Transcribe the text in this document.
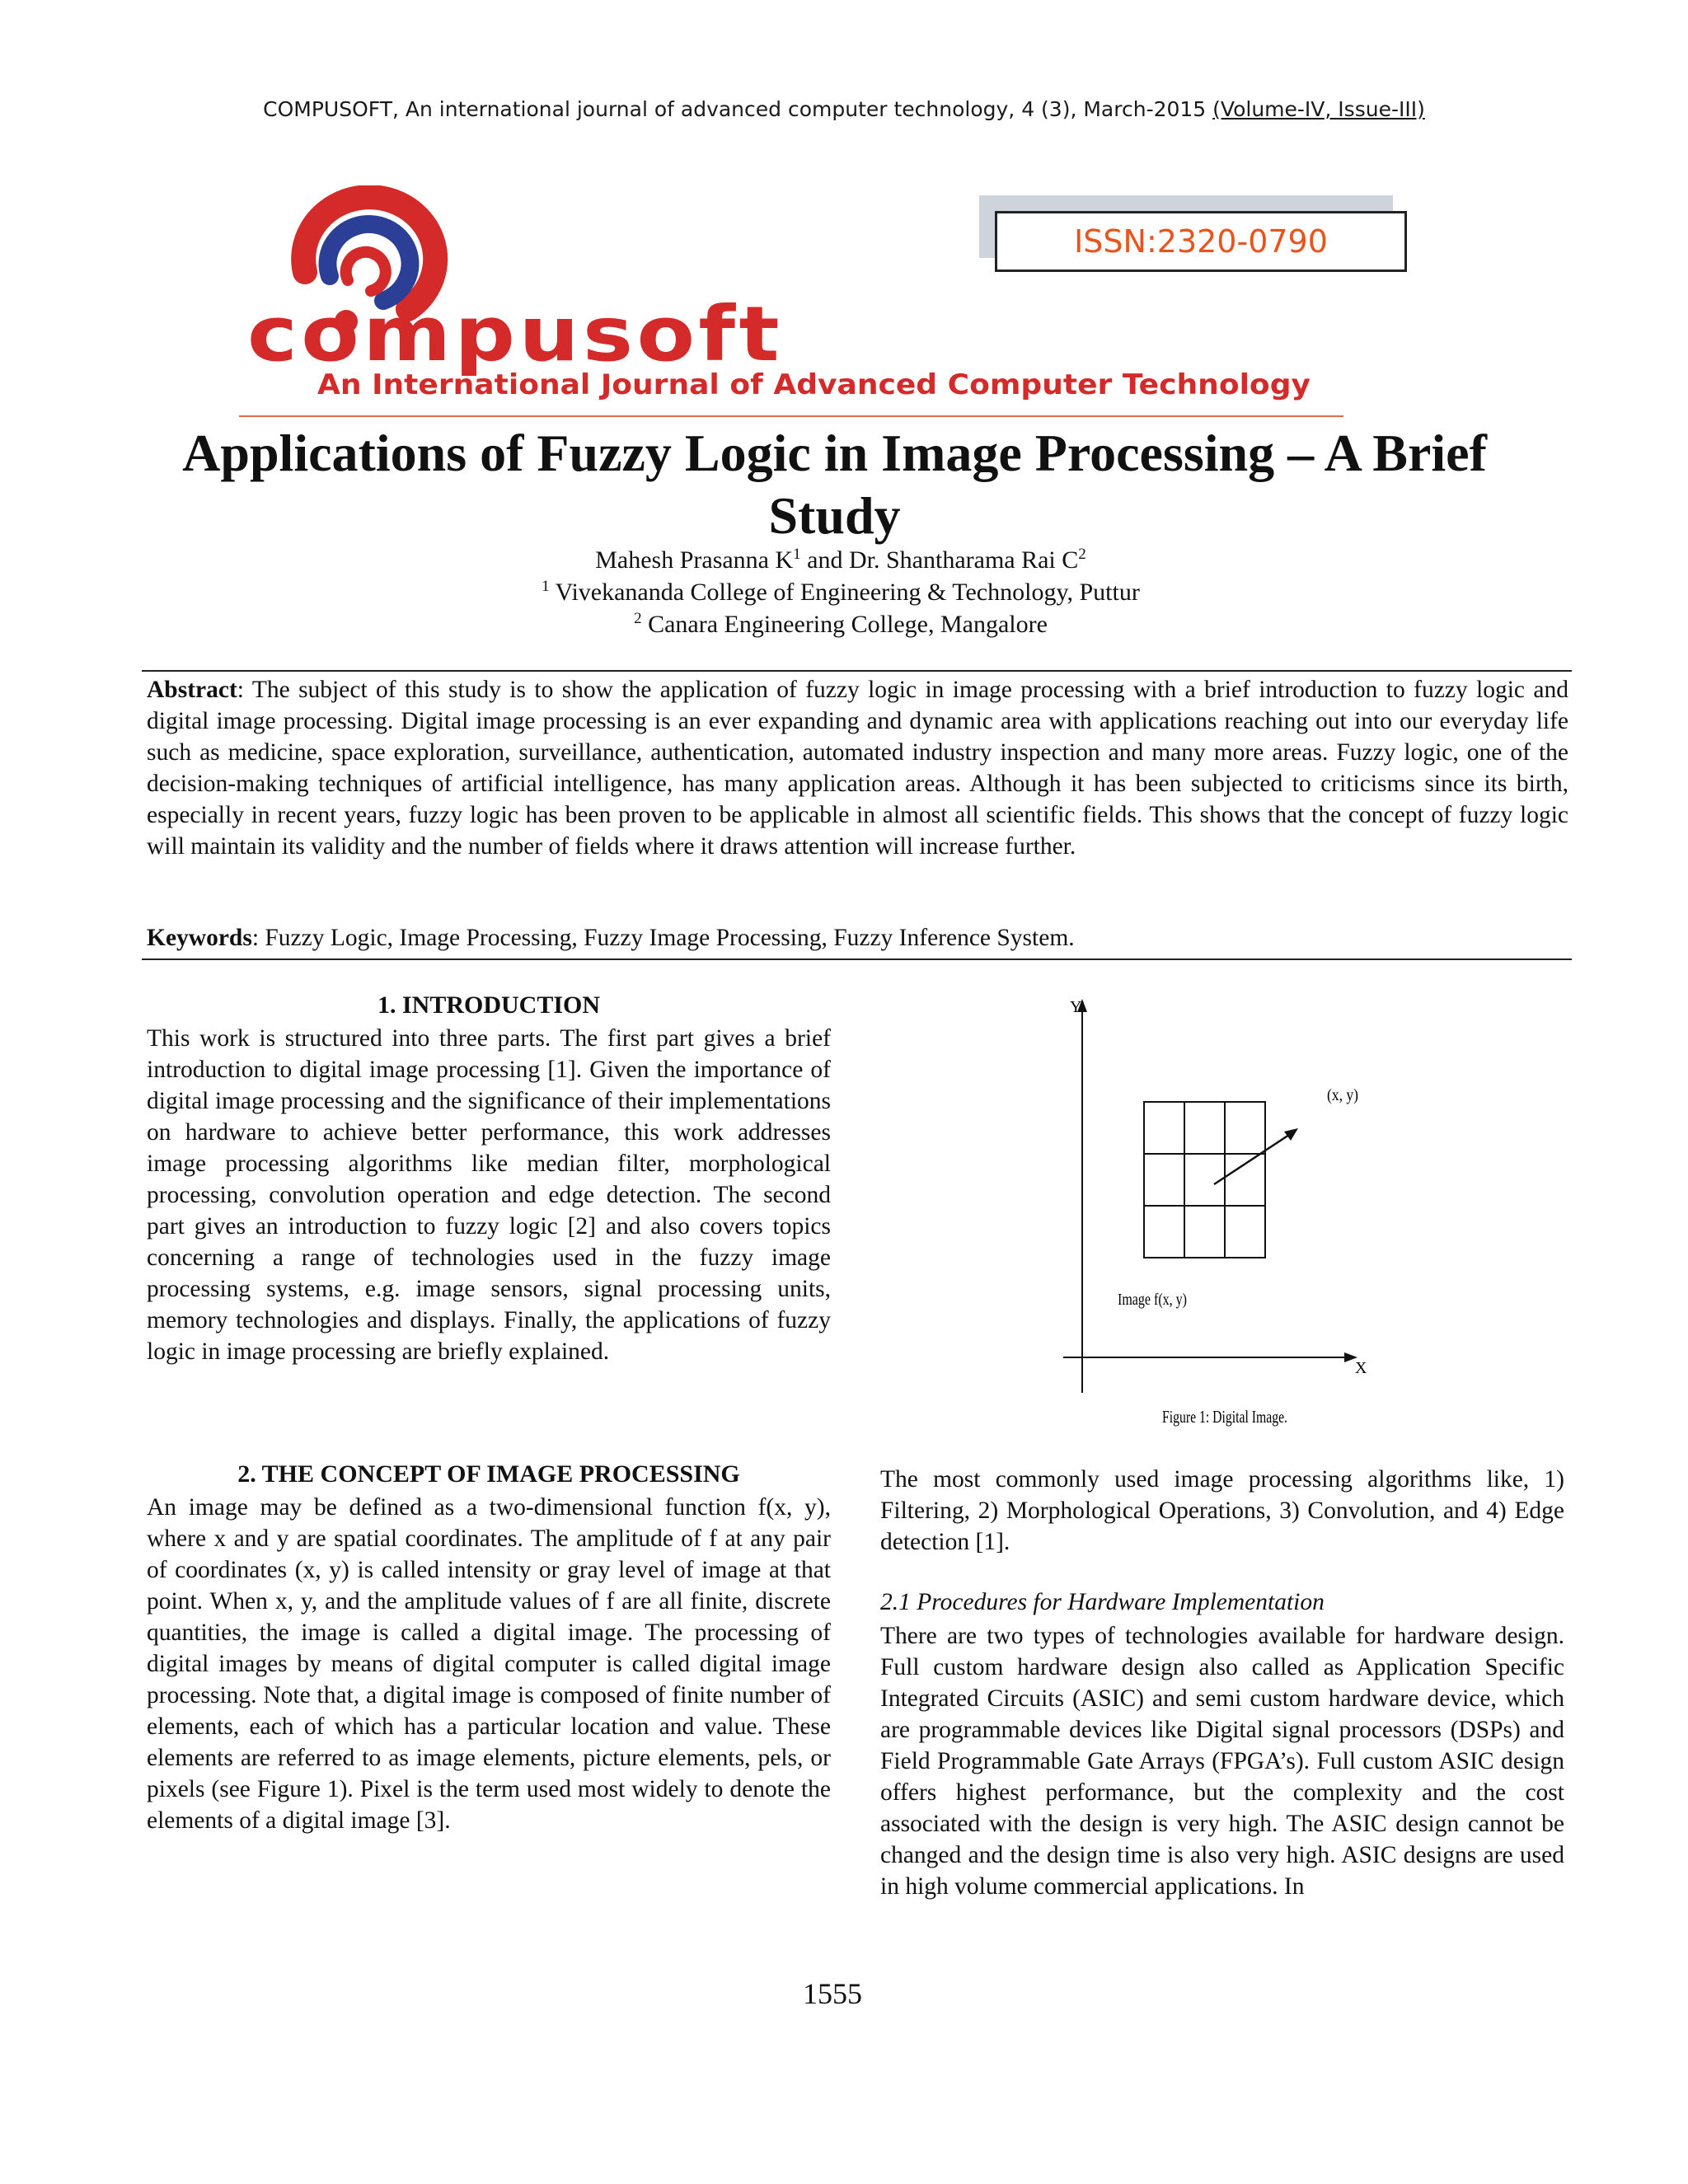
COMPUSOFT, An international journal of advanced computer technology, 4 (3), March-2015 (Volume-IV, Issue-III)
compusoft
An International Journal of Advanced Computer Technology
ISSN:2320-0790
Applications of Fuzzy Logic in Image Processing – A Brief Study
Mahesh Prasanna $K^1$ and Dr. Shantharama Rai $C^2$
$^1$ Vivekananda College of Engineering & Technology, Puttur
$^2$ Canara Engineering College, Mangalore
Abstract: The subject of this study is to show the application of fuzzy logic in image processing with a brief introduction to fuzzy logic and digital image processing. Digital image processing is an ever expanding and dynamic area with applications reaching out into our everyday life such as medicine, space exploration, surveillance, authentication, automated industry inspection and many more areas. Fuzzy logic, one of the decision-making techniques of artificial intelligence, has many application areas. Although it has been subjected to criticisms since its birth, especially in recent years, fuzzy logic has been proven to be applicable in almost all scientific fields. This shows that the concept of fuzzy logic will maintain its validity and the number of fields where it draws attention will increase further.
Keywords: Fuzzy Logic, Image Processing, Fuzzy Image Processing, Fuzzy Inference System.
1. INTRODUCTION
This work is structured into three parts. The first part gives a brief introduction to digital image processing [1]. Given the importance of digital image processing and the significance of their implementations on hardware to achieve better performance, this work addresses image processing algorithms like median filter, morphological processing, convolution operation and edge detection. The second part gives an introduction to fuzzy logic [2] and also covers topics concerning a range of technologies used in the fuzzy image processing systems, e.g. image sensors, signal processing units, memory technologies and displays. Finally, the applications of fuzzy logic in image processing are briefly explained.
2. THE CONCEPT OF IMAGE PROCESSING
An image may be defined as a two-dimensional function f(x, y), where x and y are spatial coordinates. The amplitude of f at any pair of coordinates (x, y) is called intensity or gray level of image at that point. When x, y, and the amplitude values of f are all finite, discrete quantities, the image is called a digital image. The processing of digital images by means of digital computer is called digital image processing. Note that, a digital image is composed of finite number of elements, each of which has a particular location and value. These elements are referred to as image elements, picture elements, pels, or pixels (see Figure 1). Pixel is the term used most widely to denote the elements of a digital image [3].
Y
X
(x, y)
Image f(x, y)
Figure 1: Digital Image.
The most commonly used image processing algorithms like, 1) Filtering, 2) Morphological Operations, 3) Convolution, and 4) Edge detection [1].
2.1 Procedures for Hardware Implementation
There are two types of technologies available for hardware design. Full custom hardware design also called as Application Specific Integrated Circuits (ASIC) and semi custom hardware device, which are programmable devices like Digital signal processors (DSPs) and Field Programmable Gate Arrays (FPGA’s). Full custom ASIC design offers highest performance, but the complexity and the cost associated with the design is very high. The ASIC design cannot be changed and the design time is also very high. ASIC designs are used in high volume commercial applications. In
1555
